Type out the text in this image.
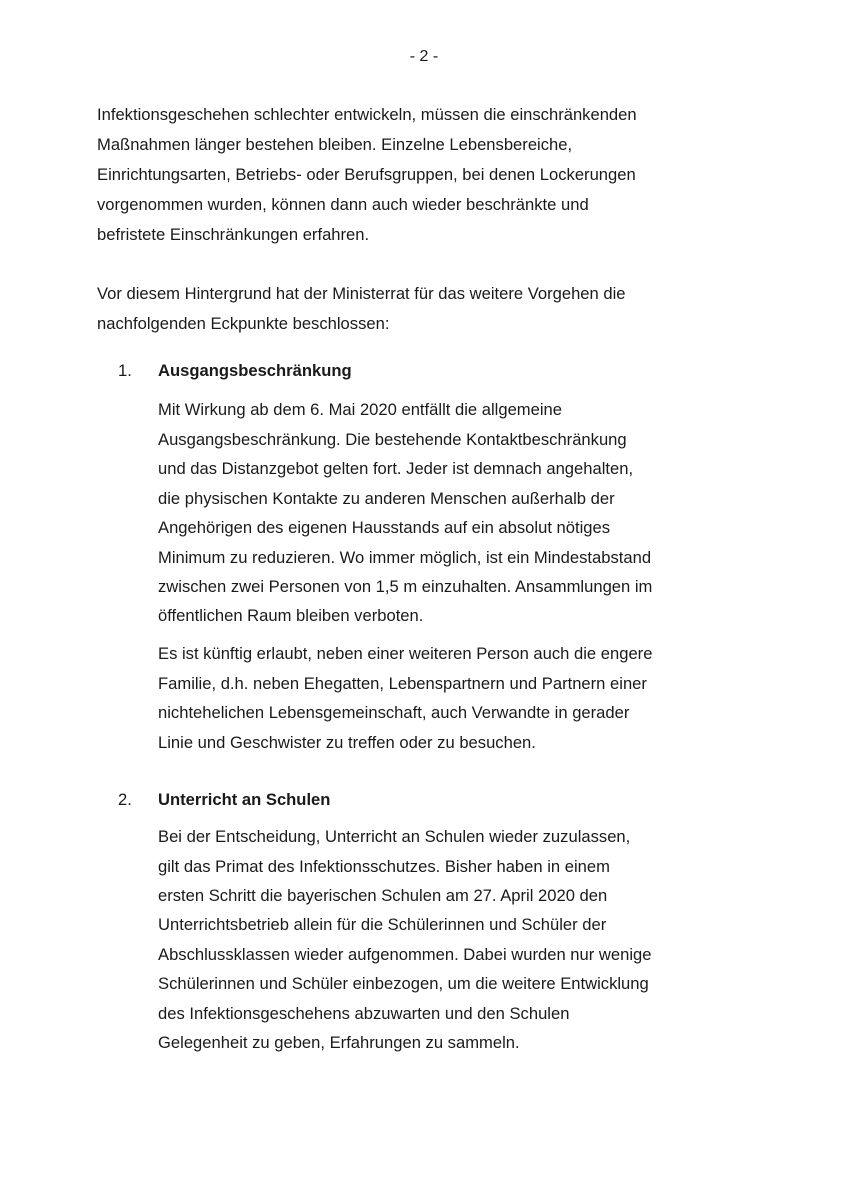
- 2 -
Infektionsgeschehen schlechter entwickeln, müssen die einschränkenden
Maßnahmen länger bestehen bleiben. Einzelne Lebensbereiche,
Einrichtungsarten, Betriebs- oder Berufsgruppen, bei denen Lockerungen
vorgenommen wurden, können dann auch wieder beschränkte und
befristete Einschränkungen erfahren.
Vor diesem Hintergrund hat der Ministerrat für das weitere Vorgehen die
nachfolgenden Eckpunkte beschlossen:
1. Ausgangsbeschränkung
Mit Wirkung ab dem 6. Mai 2020 entfällt die allgemeine
Ausgangsbeschränkung. Die bestehende Kontaktbeschränkung
und das Distanzgebot gelten fort. Jeder ist demnach angehalten,
die physischen Kontakte zu anderen Menschen außerhalb der
Angehörigen des eigenen Hausstands auf ein absolut nötiges
Minimum zu reduzieren. Wo immer möglich, ist ein Mindestabstand
zwischen zwei Personen von 1,5 m einzuhalten. Ansammlungen im
öffentlichen Raum bleiben verboten.
Es ist künftig erlaubt, neben einer weiteren Person auch die engere
Familie, d.h. neben Ehegatten, Lebenspartnern und Partnern einer
nichtehelichen Lebensgemeinschaft, auch Verwandte in gerader
Linie und Geschwister zu treffen oder zu besuchen.
2. Unterricht an Schulen
Bei der Entscheidung, Unterricht an Schulen wieder zuzulassen,
gilt das Primat des Infektionsschutzes. Bisher haben in einem
ersten Schritt die bayerischen Schulen am 27. April 2020 den
Unterrichtsbetrieb allein für die Schülerinnen und Schüler der
Abschlussklassen wieder aufgenommen. Dabei wurden nur wenige
Schülerinnen und Schüler einbezogen, um die weitere Entwicklung
des Infektionsgeschehens abzuwarten und den Schulen
Gelegenheit zu geben, Erfahrungen zu sammeln.
